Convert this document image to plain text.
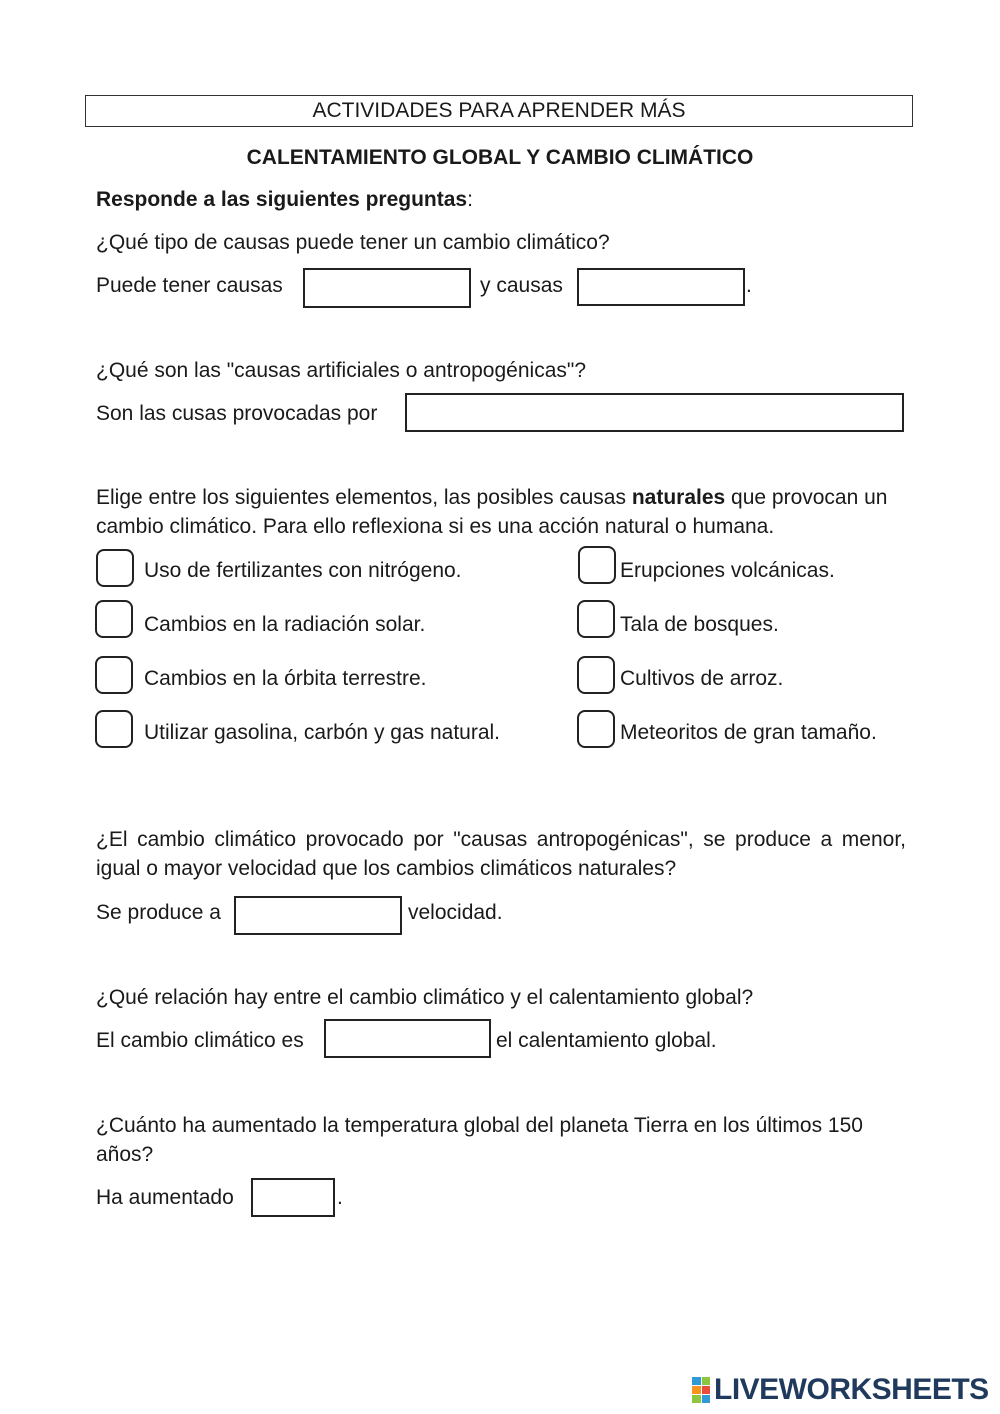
ACTIVIDADES PARA APRENDER MÁS
CALENTAMIENTO GLOBAL Y CAMBIO CLIMÁTICO
Responde a las siguientes preguntas:
¿Qué tipo de causas puede tener un cambio climático?
Puede tener causas	y causas	.
¿Qué son las "causas artificiales o antropogénicas"?
Son las cusas provocadas por
Elige entre los siguientes elementos, las posibles causas naturales que provocan un cambio climático. Para ello reflexiona si es una acción natural o humana.
Uso de fertilizantes con nitrógeno.
Cambios en la radiación solar.
Cambios en la órbita terrestre.
Utilizar gasolina, carbón y gas natural.
Erupciones volcánicas.
Tala de bosques.
Cultivos de arroz.
Meteoritos de gran tamaño.
¿El cambio climático provocado por "causas antropogénicas", se produce a menor, igual o mayor velocidad que los cambios climáticos naturales?
Se produce a	velocidad.
¿Qué relación hay entre el cambio climático y el calentamiento global?
El cambio climático es	el calentamiento global.
¿Cuánto ha aumentado la temperatura global del planeta Tierra en los últimos 150 años?
Ha aumentado	.
LIVEWORKSHEETS
